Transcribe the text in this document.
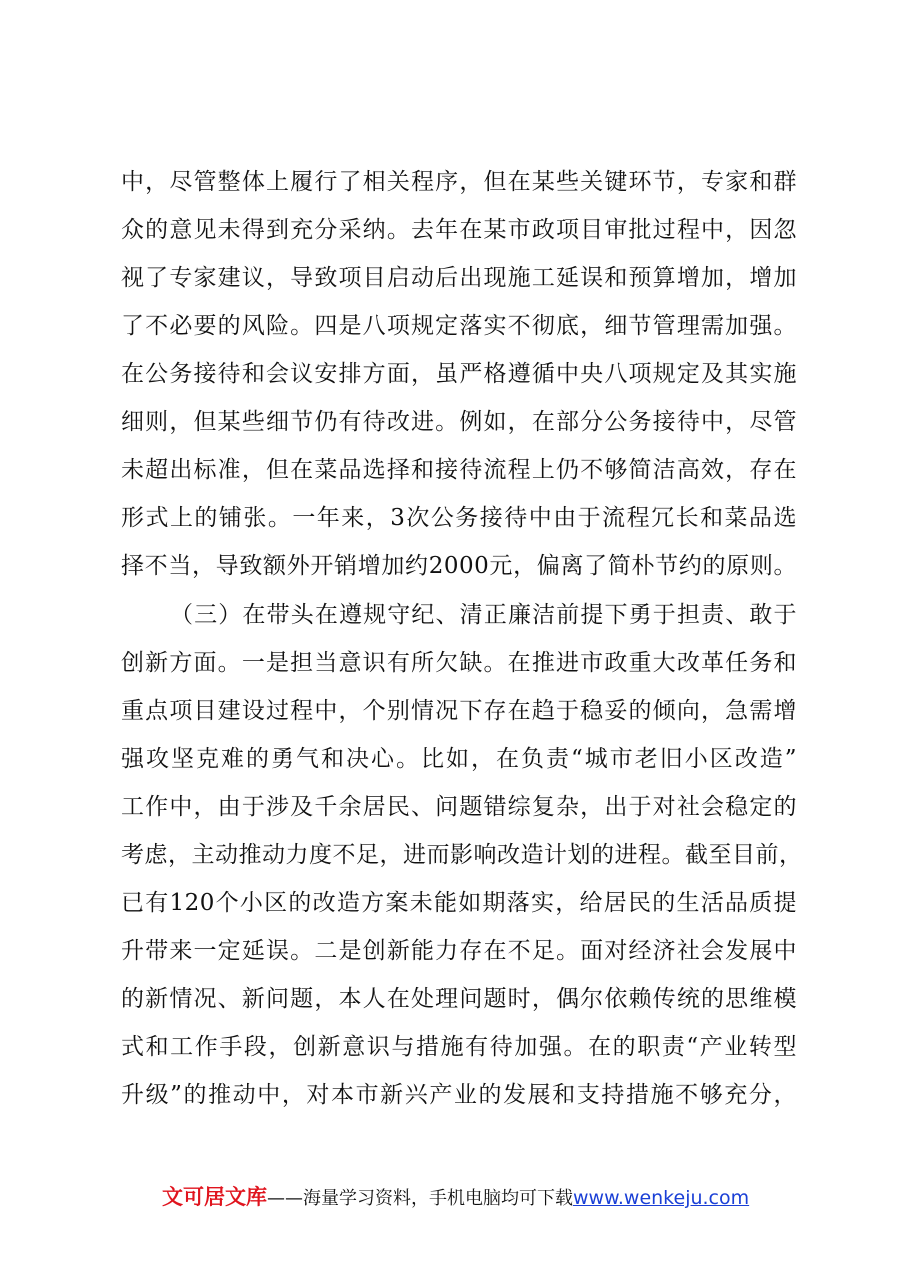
中，尽管整体上履行了相关程序，但在某些关键环节，专家和群
众的意见未得到充分采纳。去年在某市政项目审批过程中，因忽
视了专家建议，导致项目启动后出现施工延误和预算增加，增加
了不必要的风险。四是八项规定落实不彻底，细节管理需加强。
在公务接待和会议安排方面，虽严格遵循中央八项规定及其实施
细则，但某些细节仍有待改进。例如，在部分公务接待中，尽管
未超出标准，但在菜品选择和接待流程上仍不够简洁高效，存在
形式上的铺张。一年来，3次公务接待中由于流程冗长和菜品选
择不当，导致额外开销增加约2000元，偏离了简朴节约的原则。
（三）在带头在遵规守纪、清正廉洁前提下勇于担责、敢于
创新方面。一是担当意识有所欠缺。在推进市政重大改革任务和
重点项目建设过程中，个别情况下存在趋于稳妥的倾向，急需增
强攻坚克难的勇气和决心。比如，在负责“城市老旧小区改造”
工作中，由于涉及千余居民、问题错综复杂，出于对社会稳定的
考虑，主动推动力度不足，进而影响改造计划的进程。截至目前，
已有120个小区的改造方案未能如期落实，给居民的生活品质提
升带来一定延误。二是创新能力存在不足。面对经济社会发展中
的新情况、新问题，本人在处理问题时，偶尔依赖传统的思维模
式和工作手段，创新意识与措施有待加强。在的职责“产业转型
升级”的推动中，对本市新兴产业的发展和支持措施不够充分，
文可居文库——海量学习资料，手机电脑均可下载www.wenkeju.com
